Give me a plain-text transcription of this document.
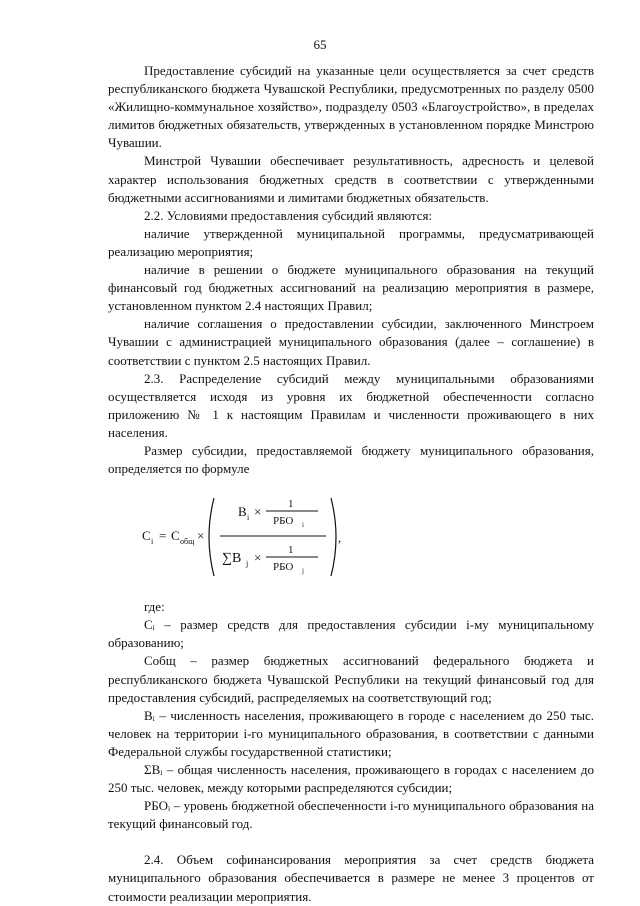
65

Предоставление субсидий на указанные цели осуществляется за счет средств республиканского бюджета Чувашской Республики, предусмотренных по разделу 0500 «Жилищно-коммунальное хозяйство», подразделу 0503 «Благоустройство», в пределах лимитов бюджетных обязательств, утвержденных в установленном порядке Минстрою Чувашии.

Минстрой Чувашии обеспечивает результативность, адресность и целевой характер использования бюджетных средств в соответствии с утвержденными бюджетными ассигнованиями и лимитами бюджетных обязательств.

2.2. Условиями предоставления субсидий являются:

наличие утвержденной муниципальной программы, предусматривающей реализацию мероприятия;

наличие в решении о бюджете муниципального образования на текущий финансовый год бюджетных ассигнований на реализацию мероприятия в размере, установленном пунктом 2.4 настоящих Правил;

наличие соглашения о предоставлении субсидии, заключенного Минстроем Чувашии с администрацией муниципального образования (далее – соглашение) в соответствии с пунктом 2.5 настоящих Правил.

2.3. Распределение субсидий между муниципальными образованиями осуществляется исходя из уровня их бюджетной обеспеченности согласно приложению № 1 к настоящим Правилам и численности проживающего в них населения.

Размер субсидии, предоставляемой бюджету муниципального образования, определяется по формуле

C i = C общ ×	,
B i × 1
РБО i
∑B j × 1
РБО j

где:

Cᵢ – размер средств для предоставления субсидии i-му муниципальному образованию;

Cобщ – размер бюджетных ассигнований федерального бюджета и республиканского бюджета Чувашской Республики на текущий финансовый год для предоставления субсидий, распределяемых на соответствующий год;

Bᵢ – численность населения, проживающего в городе с населением до 250 тыс. человек на территории i-го муниципального образования, в соответствии с данными Федеральной службы государственной статистики;

ΣBᵢ – общая численность населения, проживающего в городах с населением до 250 тыс. человек, между которыми распределяются субсидии;

РБОᵢ – уровень бюджетной обеспеченности i-го муниципального образования на текущий финансовый год.

2.4. Объем софинансирования мероприятия за счет средств бюджета муниципального образования обеспечивается в размере не менее 3 процентов от стоимости реализации мероприятия.
